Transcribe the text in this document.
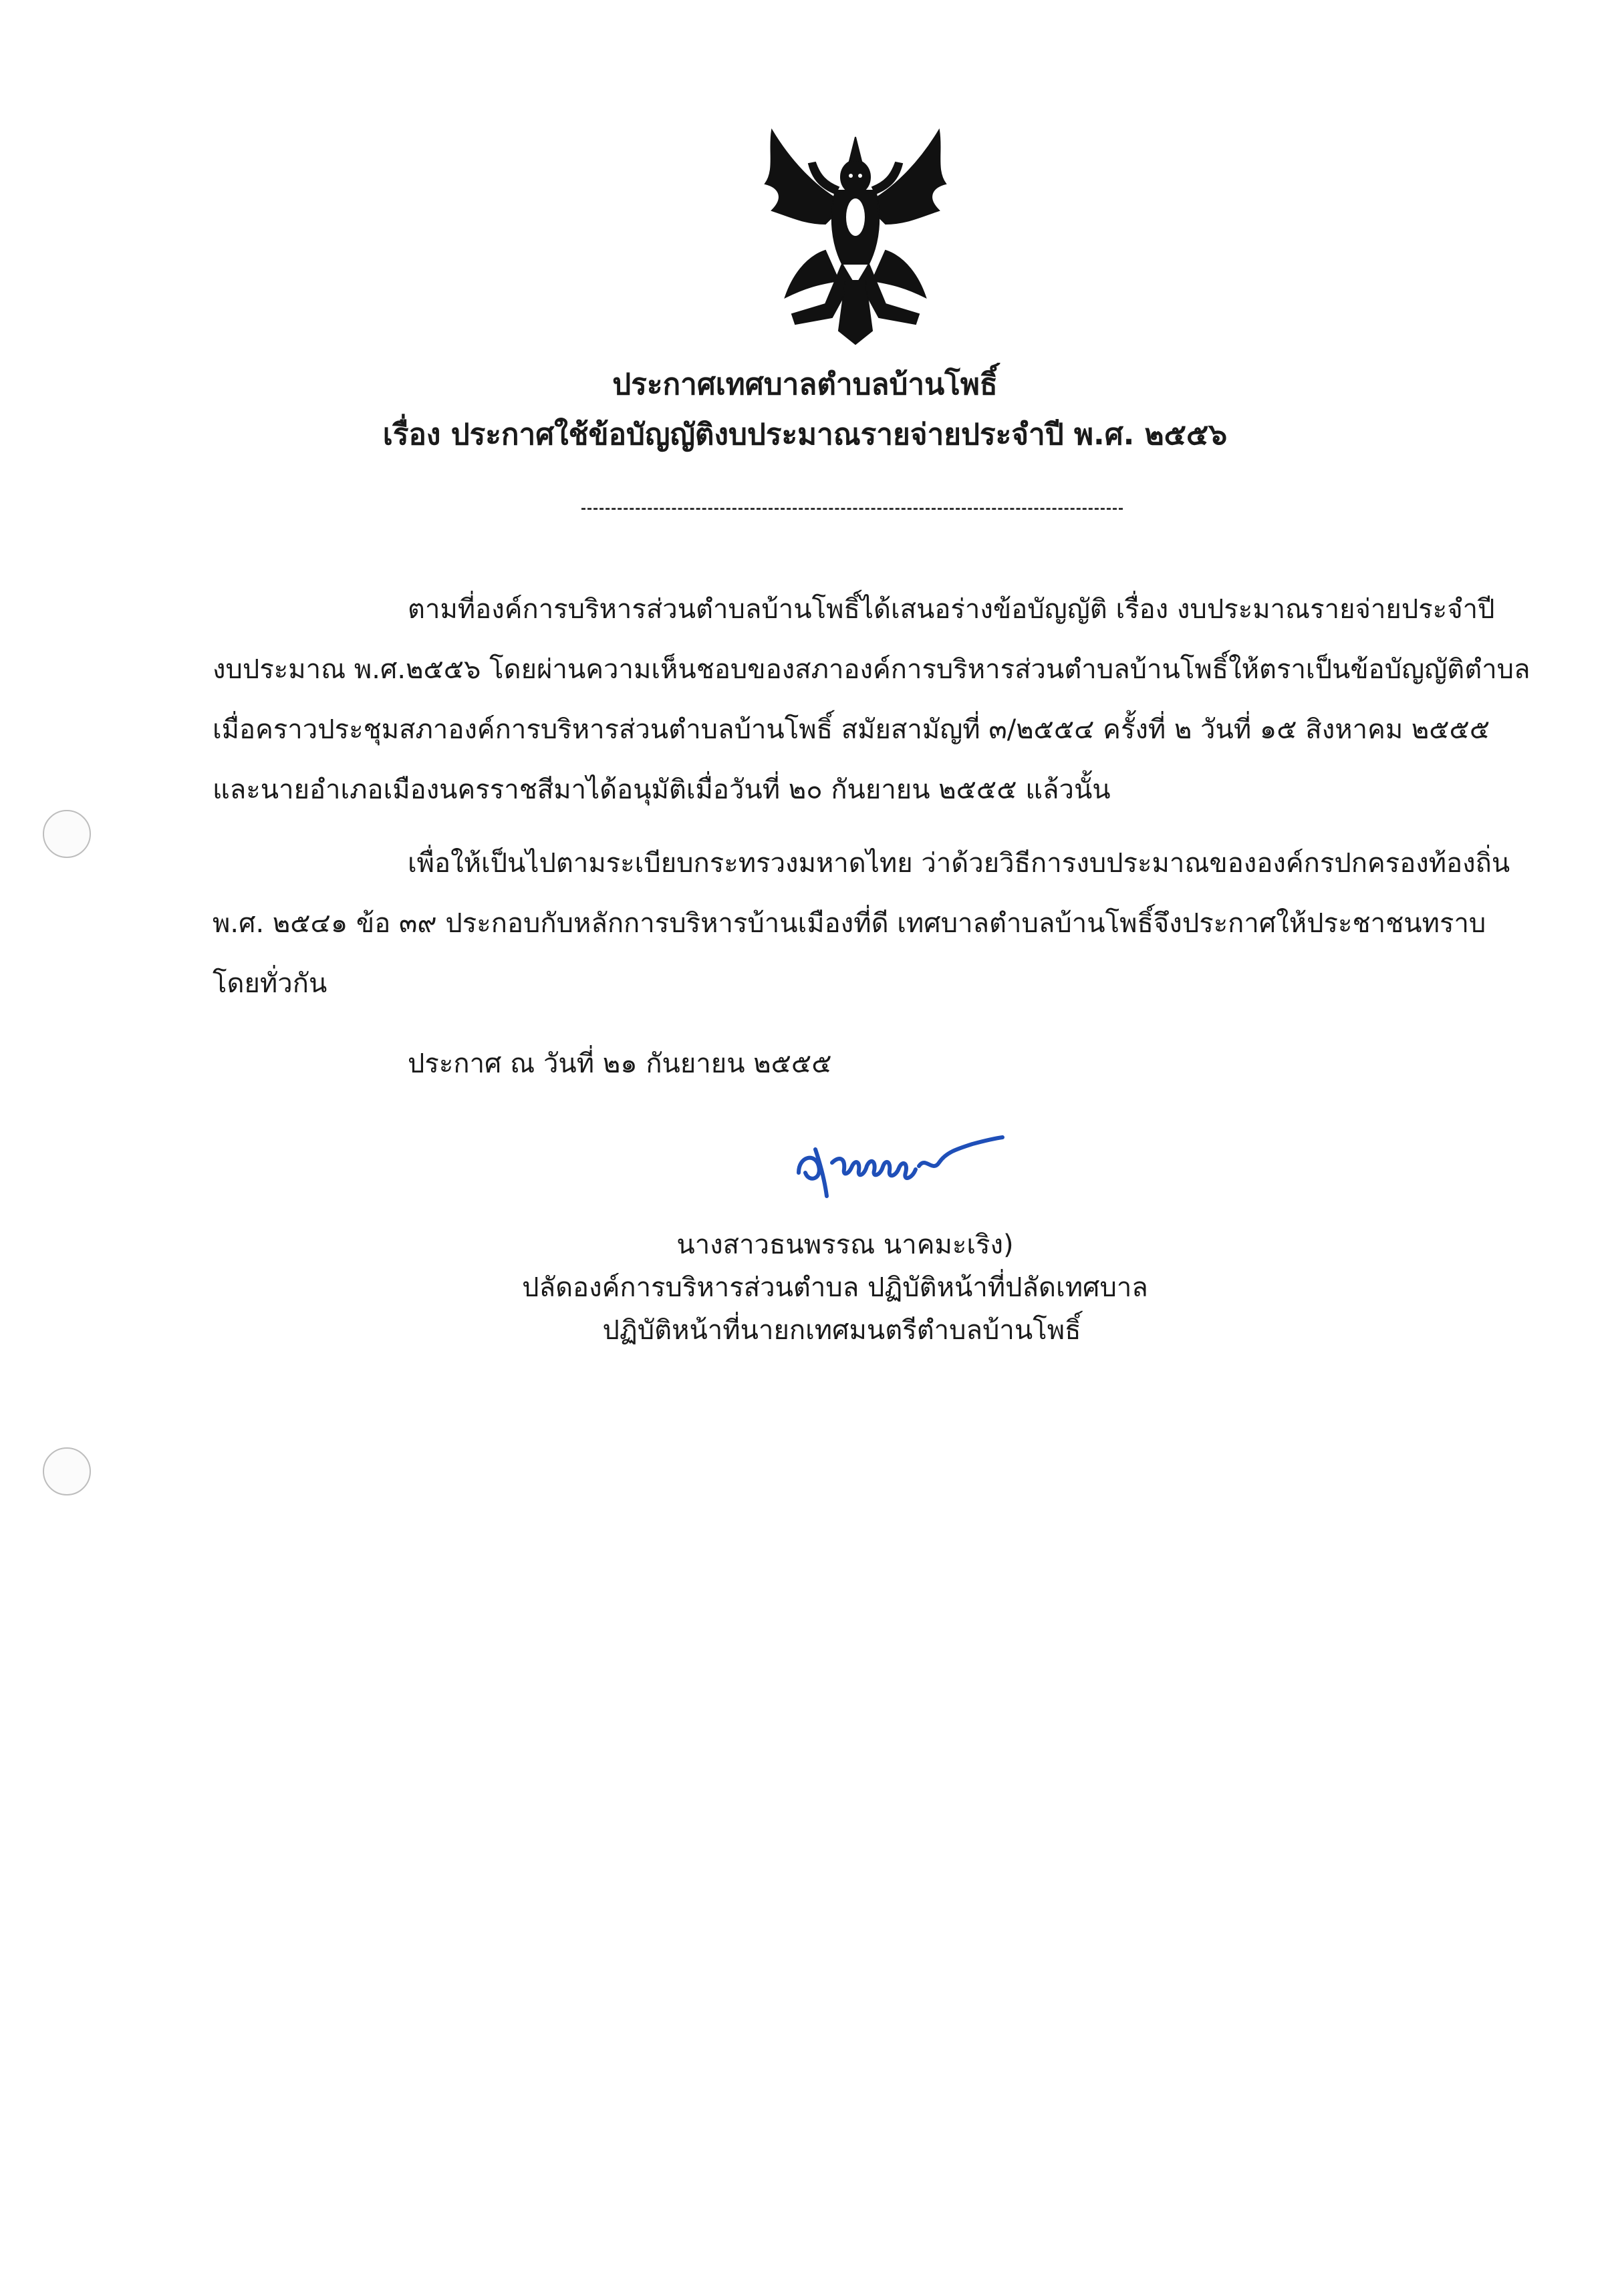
ประกาศเทศบาลตำบลบ้านโพธิ์
เรื่อง ประกาศใช้ข้อบัญญัติงบประมาณรายจ่ายประจำปี พ.ศ. ๒๕๕๖
ตามที่องค์การบริหารส่วนตำบลบ้านโพธิ์ได้เสนอร่างข้อบัญญัติ เรื่อง งบประมาณรายจ่ายประจำปี
งบประมาณ พ.ศ.๒๕๕๖ โดยผ่านความเห็นชอบของสภาองค์การบริหารส่วนตำบลบ้านโพธิ์ให้ตราเป็นข้อบัญญัติตำบล
เมื่อคราวประชุมสภาองค์การบริหารส่วนตำบลบ้านโพธิ์ สมัยสามัญที่ ๓/๒๕๕๔ ครั้งที่ ๒ วันที่ ๑๕ สิงหาคม ๒๕๕๕
และนายอำเภอเมืองนครราชสีมาได้อนุมัติเมื่อวันที่ ๒๐ กันยายน ๒๕๕๕ แล้วนั้น
เพื่อให้เป็นไปตามระเบียบกระทรวงมหาดไทย ว่าด้วยวิธีการงบประมาณขององค์กรปกครองท้องถิ่น
พ.ศ. ๒๕๔๑ ข้อ ๓๙ ประกอบกับหลักการบริหารบ้านเมืองที่ดี เทศบาลตำบลบ้านโพธิ์จึงประกาศให้ประชาชนทราบ
โดยทั่วกัน
ประกาศ ณ วันที่ ๒๑ กันยายน ๒๕๕๕
นางสาวธนพรรณ นาคมะเริง)
ปลัดองค์การบริหารส่วนตำบล ปฏิบัติหน้าที่ปลัดเทศบาล
ปฏิบัติหน้าที่นายกเทศมนตรีตำบลบ้านโพธิ์
